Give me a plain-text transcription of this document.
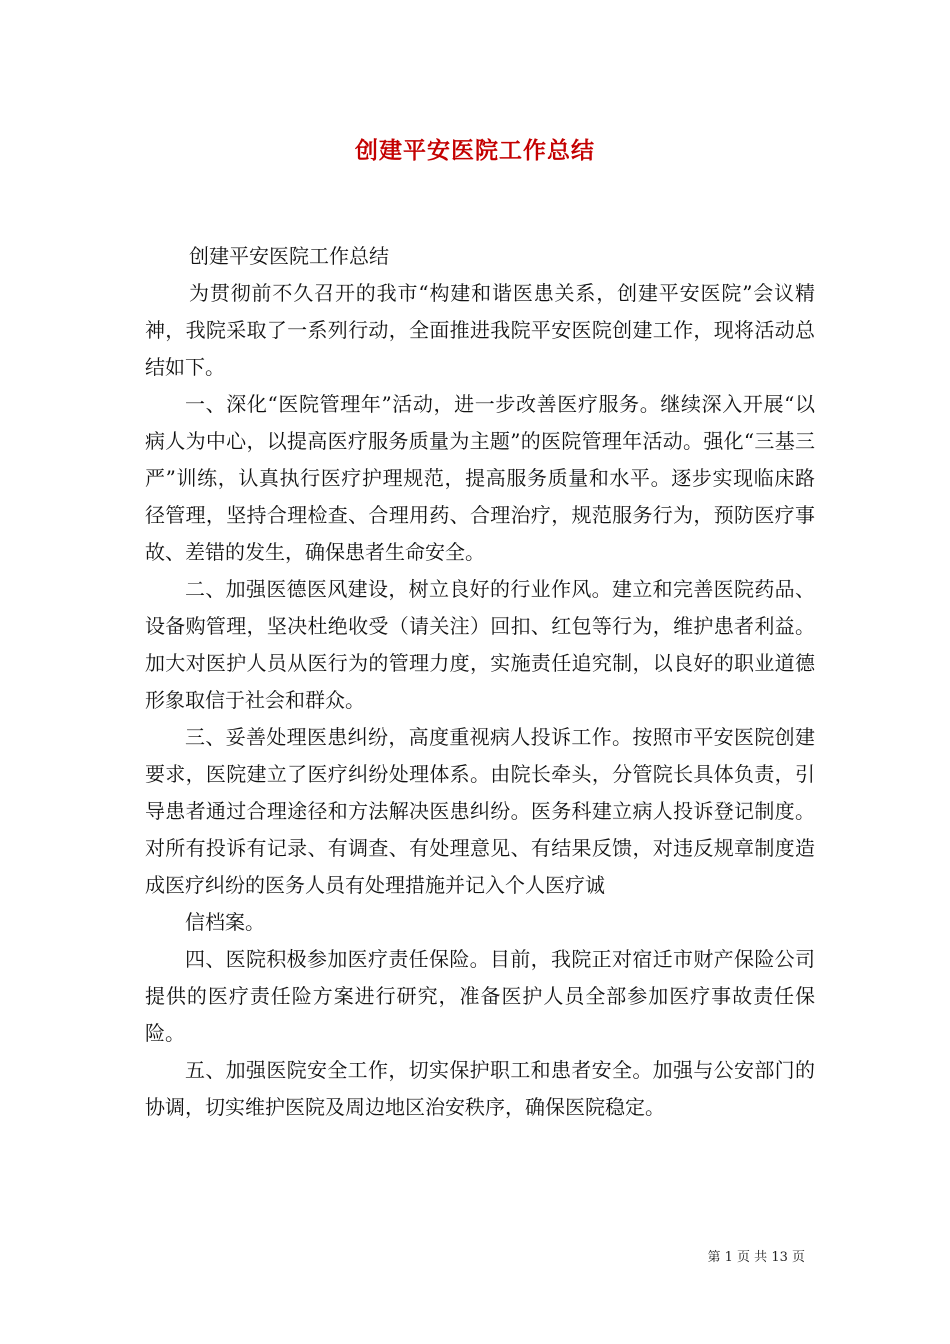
创建平安医院工作总结

创建平安医院工作总结

为贯彻前不久召开的我市“构建和谐医患关系，创建平安医院”会议精神，我院采取了一系列行动，全面推进我院平安医院创建工作，现将活动总结如下。

一、深化“医院管理年”活动，进一步改善医疗服务。继续深入开展“以病人为中心，以提高医疗服务质量为主题”的医院管理年活动。强化“三基三严”训练，认真执行医疗护理规范，提高服务质量和水平。逐步实现临床路径管理，坚持合理检查、合理用药、合理治疗，规范服务行为，预防医疗事故、差错的发生，确保患者生命安全。

二、加强医德医风建设，树立良好的行业作风。建立和完善医院药品、设备购管理，坚决杜绝收受（请关注）回扣、红包等行为，维护患者利益。加大对医护人员从医行为的管理力度，实施责任追究制，以良好的职业道德形象取信于社会和群众。

三、妥善处理医患纠纷，高度重视病人投诉工作。按照市平安医院创建要求，医院建立了医疗纠纷处理体系。由院长牵头，分管院长具体负责，引导患者通过合理途径和方法解决医患纠纷。医务科建立病人投诉登记制度。对所有投诉有记录、有调查、有处理意见、有结果反馈，对违反规章制度造成医疗纠纷的医务人员有处理措施并记入个人医疗诚

信档案。

四、医院积极参加医疗责任保险。目前，我院正对宿迁市财产保险公司提供的医疗责任险方案进行研究，准备医护人员全部参加医疗事故责任保险。

五、加强医院安全工作，切实保护职工和患者安全。加强与公安部门的协调，切实维护医院及周边地区治安秩序，确保医院稳定。

第 1 页 共 13 页
